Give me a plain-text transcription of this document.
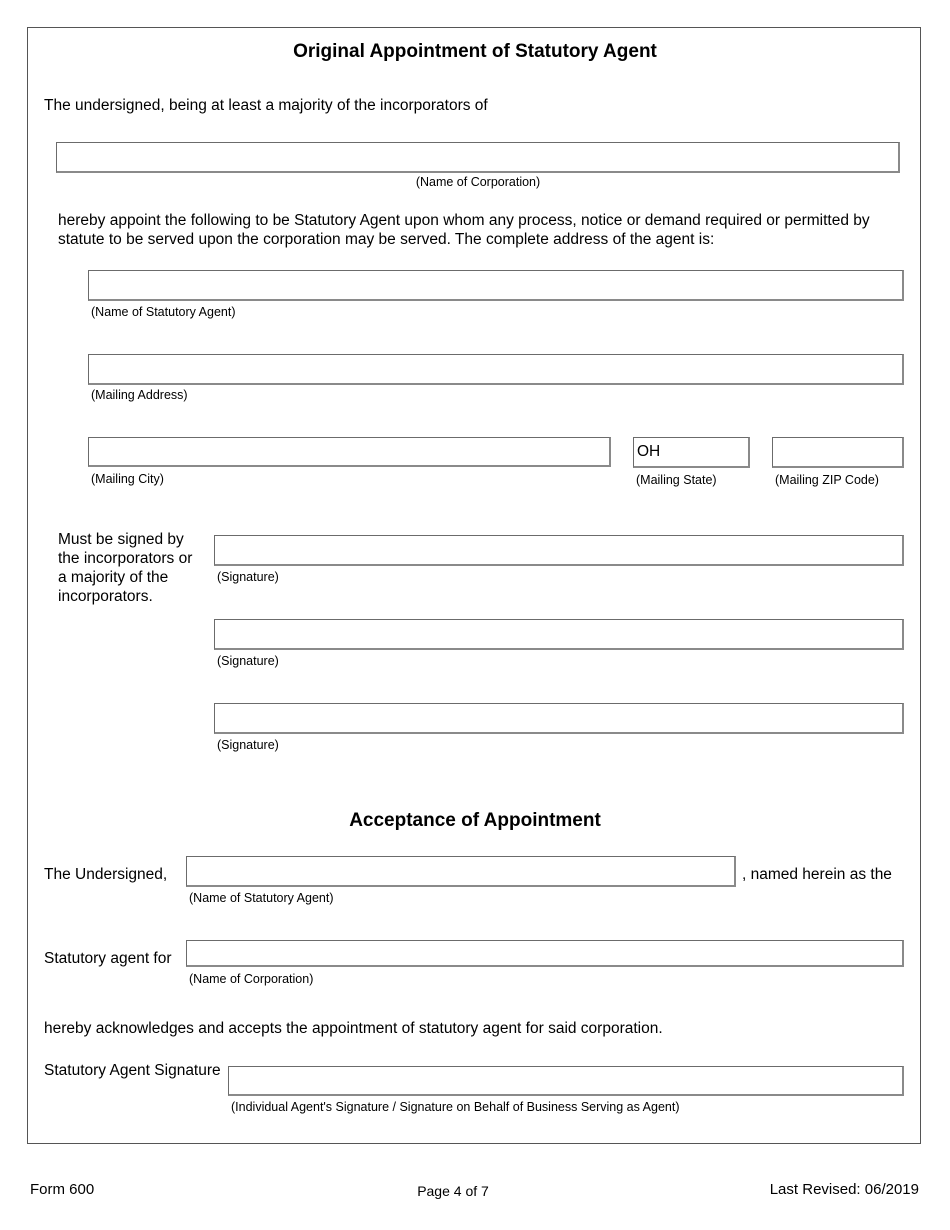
Original Appointment of Statutory Agent
The undersigned, being at least a majority of the incorporators of
(Name of Corporation)
hereby appoint the following to be Statutory Agent upon whom any process, notice or demand required or permitted by
statute to be served upon the corporation may be served. The complete address of the agent is:
(Name of Statutory Agent)
(Mailing Address)
(Mailing City)
OH
(Mailing State)	(Mailing ZIP Code)
Must be signed by
the incorporators or
a majority of the
incorporators.
(Signature)
(Signature)
(Signature)
Acceptance of Appointment
The Undersigned,	, named herein as the
(Name of Statutory Agent)
Statutory agent for
(Name of Corporation)
hereby acknowledges and accepts the appointment of statutory agent for said corporation.
Statutory Agent Signature
(Individual Agent's Signature / Signature on Behalf of Business Serving as Agent)
Form 600	Page 4 of 7	Last Revised: 06/2019
